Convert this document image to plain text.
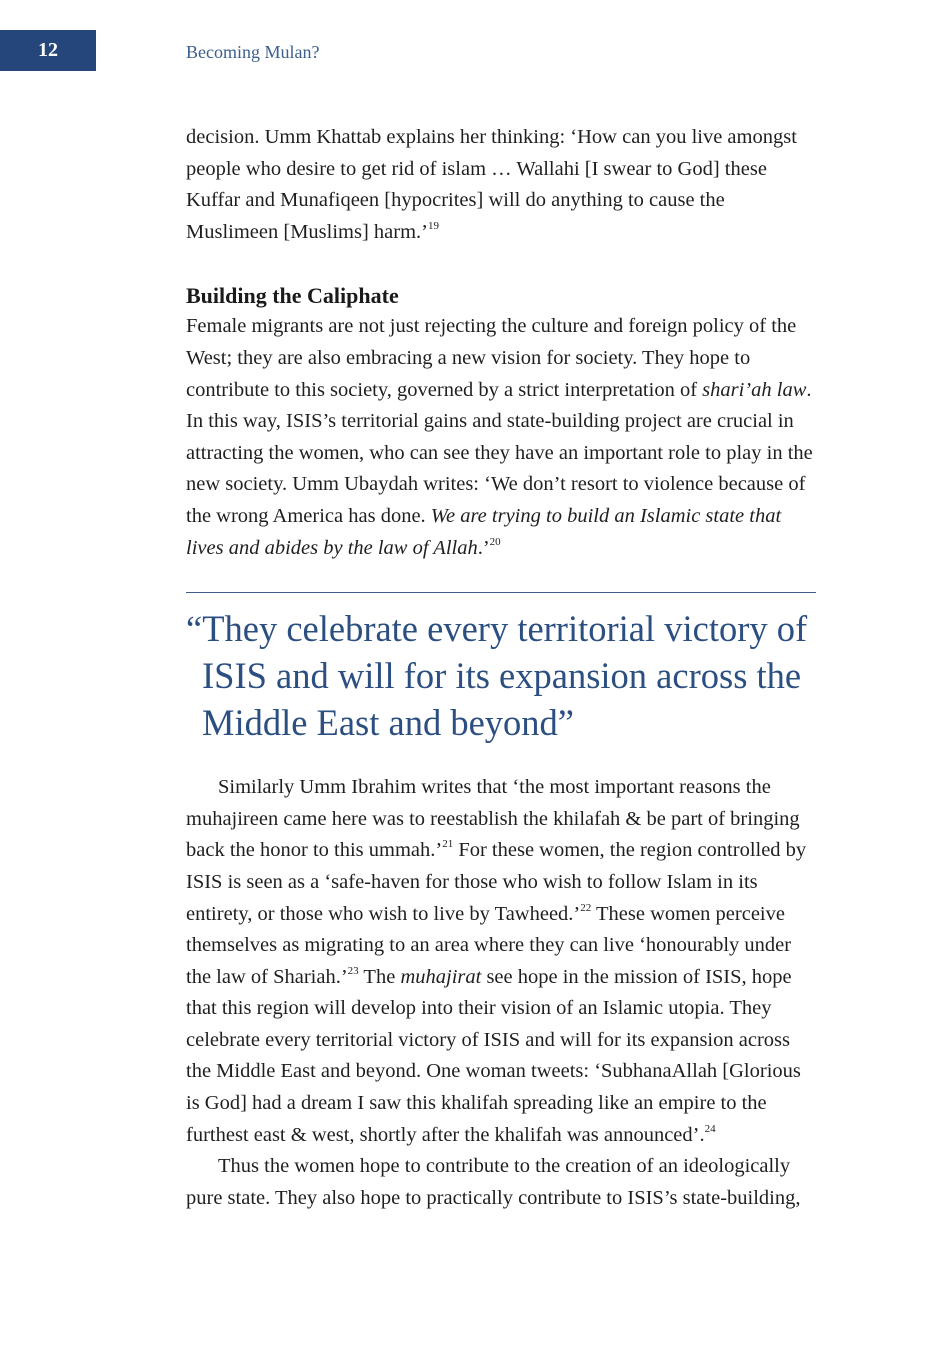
12	Becoming Mulan?

decision. Umm Khattab explains her thinking: ‘How can you live amongst people who desire to get rid of islam … Wallahi [I swear to God] these Kuffar and Munafiqeen [hypocrites] will do anything to cause the Muslimeen [Muslims] harm.’$^{19}$

Building the Caliphate

Female migrants are not just rejecting the culture and foreign policy of the West; they are also embracing a new vision for society. They hope to contribute to this society, governed by a strict interpretation of shari’ah law. In this way, ISIS’s territorial gains and state-building project are crucial in attracting the women, who can see they have an important role to play in the new society. Umm Ubaydah writes: ‘We don’t resort to violence because of the wrong America has done. We are trying to build an Islamic state that lives and abides by the law of Allah.’$^{20}$

“They celebrate every territorial victory of ISIS and will for its expansion across the Middle East and beyond”

Similarly Umm Ibrahim writes that ‘the most important reasons the muhajireen came here was to reestablish the khilafah & be part of bringing back the honor to this ummah.’$^{21}$ For these women, the region controlled by ISIS is seen as a ‘safe-haven for those who wish to follow Islam in its entirety, or those who wish to live by Tawheed.’$^{22}$ These women perceive themselves as migrating to an area where they can live ‘honourably under the law of Shariah.’$^{23}$ The muhajirat see hope in the mission of ISIS, hope that this region will develop into their vision of an Islamic utopia. They celebrate every territorial victory of ISIS and will for its expansion across the Middle East and beyond. One woman tweets: ‘SubhanaAllah [Glorious is God] had a dream I saw this khalifah spreading like an empire to the furthest east & west, shortly after the khalifah was announced’.$^{24}$

Thus the women hope to contribute to the creation of an ideologically pure state. They also hope to practically contribute to ISIS’s state-building,
